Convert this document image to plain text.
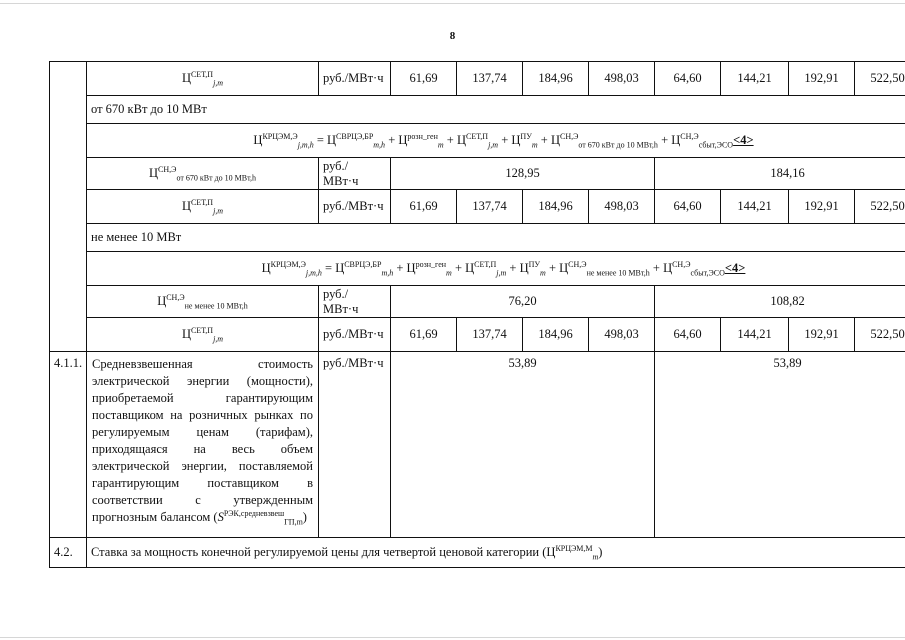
8
	$Ц^{СЕТ,П}_{j,m}$	руб./МВт·ч	61,69	137,74	184,96	498,03	64,60	144,21	192,91	522,50
	от 670 кВт до 10 МВт									
	$Ц^{КРЦЭМ,Э}_{j,m,h} = Ц^{СВРЦЭ,БР}_{m,h} + Ц^{розн\_ген}_m + Ц^{СЕТ,П}_{j,m} + Ц^{ПУ}_m + Ц^{СН,Э}_{от 670 кВт до 10 МВт,h} + Ц^{СН,Э}_{сбыт,ЭСО}<4>$									
	$Ц^{СН,Э}_{от 670 кВт до 10 МВт,h}$	руб./ МВт·ч	128,95				184,16			
	$Ц^{СЕТ,П}_{j,m}$	руб./МВт·ч	61,69	137,74	184,96	498,03	64,60	144,21	192,91	522,50
	не менее 10 МВт									
	$Ц^{КРЦЭМ,Э}_{j,m,h} = Ц^{СВРЦЭ,БР}_{m,h} + Ц^{розн\_ген}_m + Ц^{СЕТ,П}_{j,m} + Ц^{ПУ}_m + Ц^{СН,Э}_{не менее 10 МВт,h} + Ц^{СН,Э}_{сбыт,ЭСО}<4>$									
	$Ц^{СН,Э}_{не менее 10 МВт,h}$	руб./ МВт·ч	76,20				108,82			
	$Ц^{СЕТ,П}_{j,m}$	руб./МВт·ч	61,69	137,74	184,96	498,03	64,60	144,21	192,91	522,50
4.1.1.	Средневзвешенная стоимость электрической энергии (мощности), приобретаемой гарантирующим поставщиком на розничных рынках по регулируемым ценам (тарифам), приходящаяся на весь объем электрической энергии, поставляемой гарантирующим поставщиком в соответствии с утвержденным прогнозным балансом $(S^{РЭК,средневзвеш}_{ГП,m})$	руб./МВт·ч	53,89				53,89			
4.2.	Ставка за мощность конечной регулируемой цены для четвертой ценовой категории $(Ц^{КРЦЭМ,М}_m)$									
